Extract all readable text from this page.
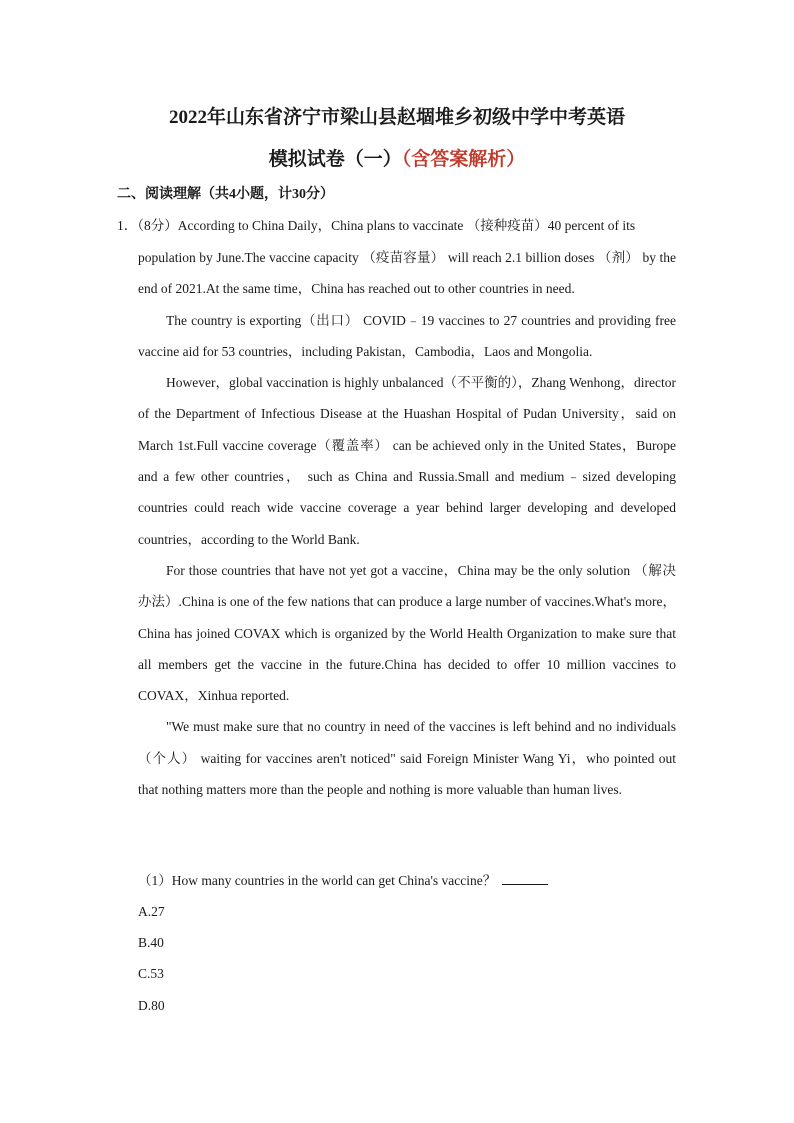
2022年山东省济宁市梁山县赵堌堆乡初级中学中考英语
模拟试卷（一）（含答案解析）
二、阅读理解（共4小题，计30分）
1．（8分）According to China Daily，China plans to vaccinate （接种疫苗）40 percent of its

population by June.The vaccine capacity （疫苗容量） will reach 2.1 billion doses （剂） by the end of 2021.At the same time，China has reached out to other countries in need.

The country is exporting（出口） COVID﹣19 vaccines to 27 countries and providing free vaccine aid for 53 countries，including Pakistan，Cambodia，Laos and Mongolia.

However，global vaccination is highly unbalanced（不平衡的），Zhang Wenhong，director of the Department of Infectious Disease at the Huashan Hospital of Pudan University，said on March 1st.Full vaccine coverage（覆盖率） can be achieved only in the United States，Burope and a few other countries， such as China and Russia.Small and medium﹣sized developing countries could reach wide vaccine coverage a year behind larger developing and developed countries，according to the World Bank.

For those countries that have not yet got a vaccine，China may be the only solution （解决办法）.China is one of the few nations that can produce a large number of vaccines.What's more，China has joined COVAX which is organized by the World Health Organization to make sure that all members get the vaccine in the future.China has decided to offer 10 million vaccines to COVAX，Xinhua reported.

"We must make sure that no country in need of the vaccines is left behind and no individuals（个人） waiting for vaccines aren't noticed" said Foreign Minister Wang Yi，who pointed out that nothing matters more than the people and nothing is more valuable than human lives.

（1）How many countries in the world can get China's vaccine？
A.27
B.40
C.53
D.80
